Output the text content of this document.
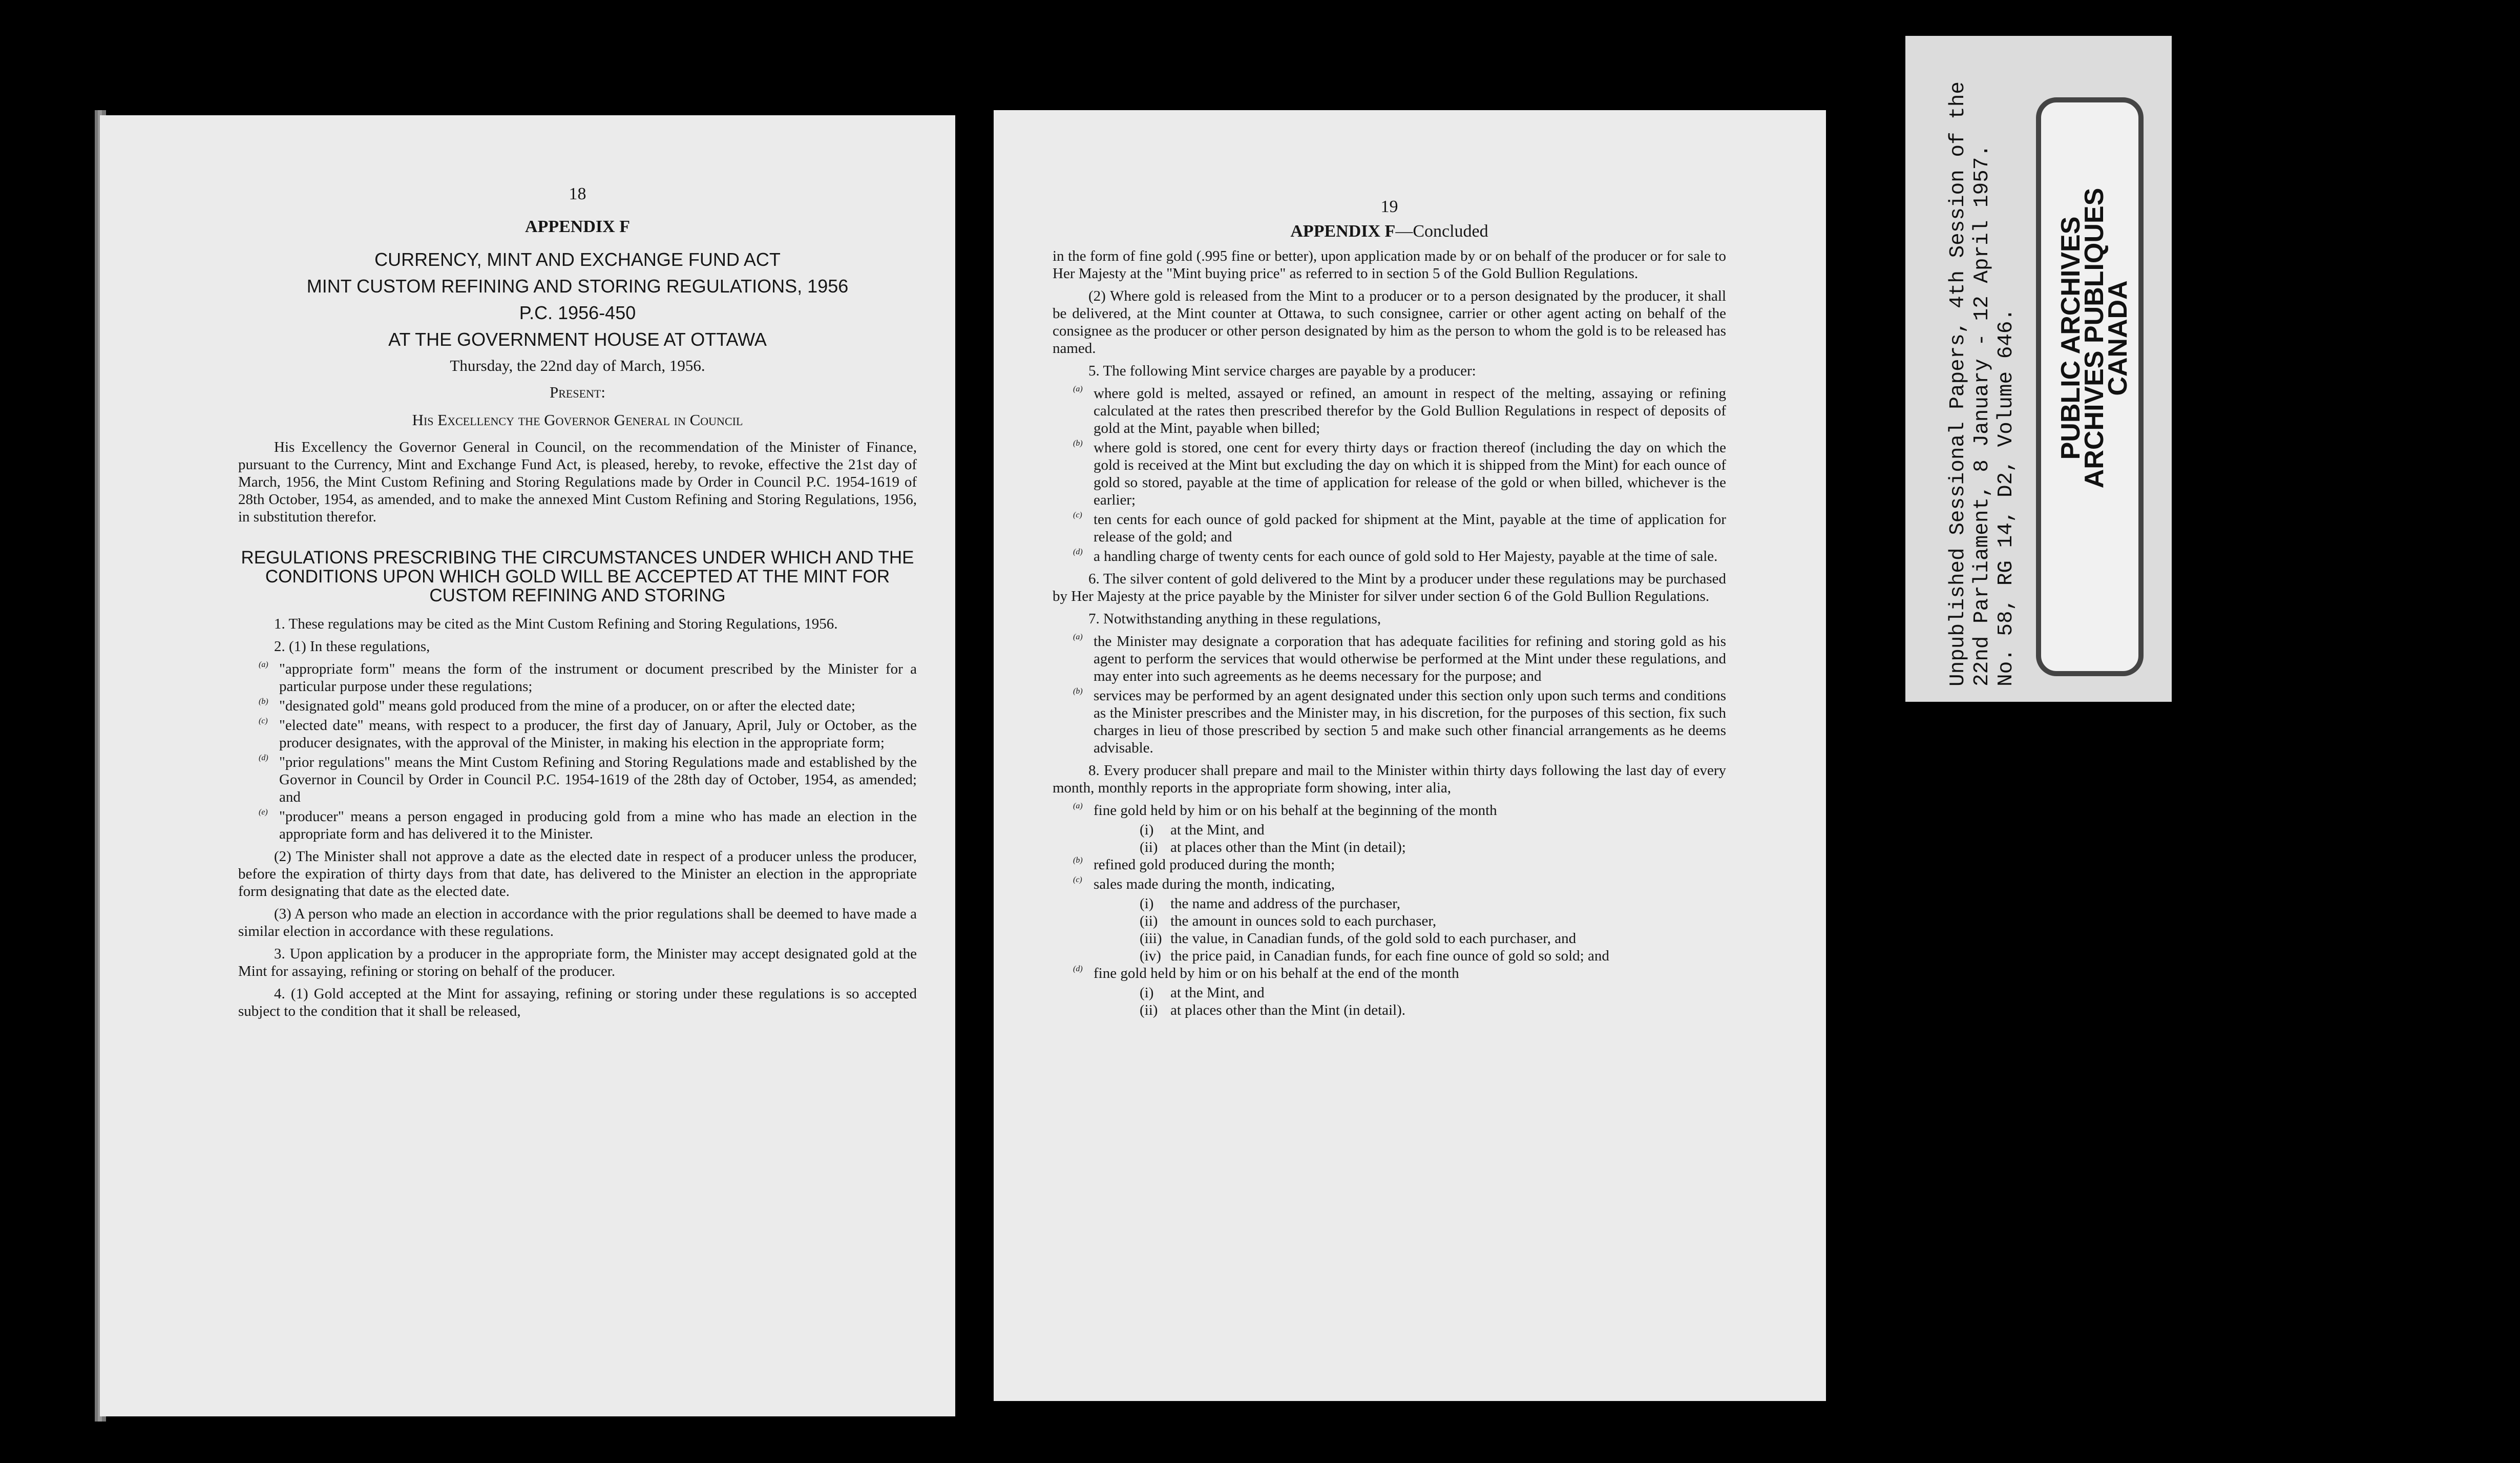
18
APPENDIX F
CURRENCY, MINT AND EXCHANGE FUND ACT
MINT CUSTOM REFINING AND STORING REGULATIONS, 1956
P.C. 1956-450
AT THE GOVERNMENT HOUSE AT OTTAWA
Thursday, the 22nd day of March, 1956.
Present:
His Excellency the Governor General in Council

His Excellency the Governor General in Council, on the recommendation of the Minister of Finance, pursuant to the Currency, Mint and Exchange Fund Act, is pleased, hereby, to revoke, effective the 21st day of March, 1956, the Mint Custom Refining and Storing Regulations made by Order in Council P.C. 1954-1619 of 28th October, 1954, as amended, and to make the annexed Mint Custom Refining and Storing Regulations, 1956, in substitution therefor.

REGULATIONS PRESCRIBING THE CIRCUMSTANCES UNDER WHICH AND THE CONDITIONS UPON WHICH GOLD WILL BE ACCEPTED AT THE MINT FOR CUSTOM REFINING AND STORING

1. These regulations may be cited as the Mint Custom Refining and Storing Regulations, 1956.

2. (1) In these regulations,

(a) "appropriate form" means the form of the instrument or document prescribed by the Minister for a particular purpose under these regulations;

(b) "designated gold" means gold produced from the mine of a producer, on or after the elected date;

(c) "elected date" means, with respect to a producer, the first day of January, April, July or October, as the producer designates, with the approval of the Minister, in making his election in the appropriate form;

(d) "prior regulations" means the Mint Custom Refining and Storing Regulations made and established by the Governor in Council by Order in Council P.C. 1954-1619 of the 28th day of October, 1954, as amended; and

(e) "producer" means a person engaged in producing gold from a mine who has made an election in the appropriate form and has delivered it to the Minister.

(2) The Minister shall not approve a date as the elected date in respect of a producer unless the producer, before the expiration of thirty days from that date, has delivered to the Minister an election in the appropriate form designating that date as the elected date.

(3) A person who made an election in accordance with the prior regulations shall be deemed to have made a similar election in accordance with these regulations.

3. Upon application by a producer in the appropriate form, the Minister may accept designated gold at the Mint for assaying, refining or storing on behalf of the producer.

4. (1) Gold accepted at the Mint for assaying, refining or storing under these regulations is so accepted subject to the condition that it shall be released,

19
APPENDIX F—Concluded

in the form of fine gold (.995 fine or better), upon application made by or on behalf of the producer or for sale to Her Majesty at the "Mint buying price" as referred to in section 5 of the Gold Bullion Regulations.

(2) Where gold is released from the Mint to a producer or to a person designated by the producer, it shall be delivered, at the Mint counter at Ottawa, to such consignee, carrier or other agent acting on behalf of the consignee as the producer or other person designated by him as the person to whom the gold is to be released has named.

5. The following Mint service charges are payable by a producer:

(a) where gold is melted, assayed or refined, an amount in respect of the melting, assaying or refining calculated at the rates then prescribed therefor by the Gold Bullion Regulations in respect of deposits of gold at the Mint, payable when billed;

(b) where gold is stored, one cent for every thirty days or fraction thereof (including the day on which the gold is received at the Mint but excluding the day on which it is shipped from the Mint) for each ounce of gold so stored, payable at the time of application for release of the gold or when billed, whichever is the earlier;

(c) ten cents for each ounce of gold packed for shipment at the Mint, payable at the time of application for release of the gold; and

(d) a handling charge of twenty cents for each ounce of gold sold to Her Majesty, payable at the time of sale.

6. The silver content of gold delivered to the Mint by a producer under these regulations may be purchased by Her Majesty at the price payable by the Minister for silver under section 6 of the Gold Bullion Regulations.

7. Notwithstanding anything in these regulations,

(a) the Minister may designate a corporation that has adequate facilities for refining and storing gold as his agent to perform the services that would otherwise be performed at the Mint under these regulations, and may enter into such agreements as he deems necessary for the purpose; and

(b) services may be performed by an agent designated under this section only upon such terms and conditions as the Minister prescribes and the Minister may, in his discretion, for the purposes of this section, fix such charges in lieu of those prescribed by section 5 and make such other financial arrangements as he deems advisable.

8. Every producer shall prepare and mail to the Minister within thirty days following the last day of every month, monthly reports in the appropriate form showing, inter alia,

(a) fine gold held by him or on his behalf at the beginning of the month

(i) at the Mint, and
(ii) at places other than the Mint (in detail);
(b) refined gold produced during the month;

(c) sales made during the month, indicating,

(i) the name and address of the purchaser,
(ii) the amount in ounces sold to each purchaser,
(iii) the value, in Canadian funds, of the gold sold to each purchaser, and
(iv) the price paid, in Canadian funds, for each fine ounce of gold so sold; and
(d) fine gold held by him or on his behalf at the end of the month

(i) at the Mint, and
(ii) at places other than the Mint (in detail).
Unpublished Sessional Papers, 4th Session of the 22nd Parliament, 8 January - 12 April 1957. No. 58, RG 14, D2, Volume 646. PUBLIC ARCHIVES
ARCHIVES PUBLIQUES
CANADA
